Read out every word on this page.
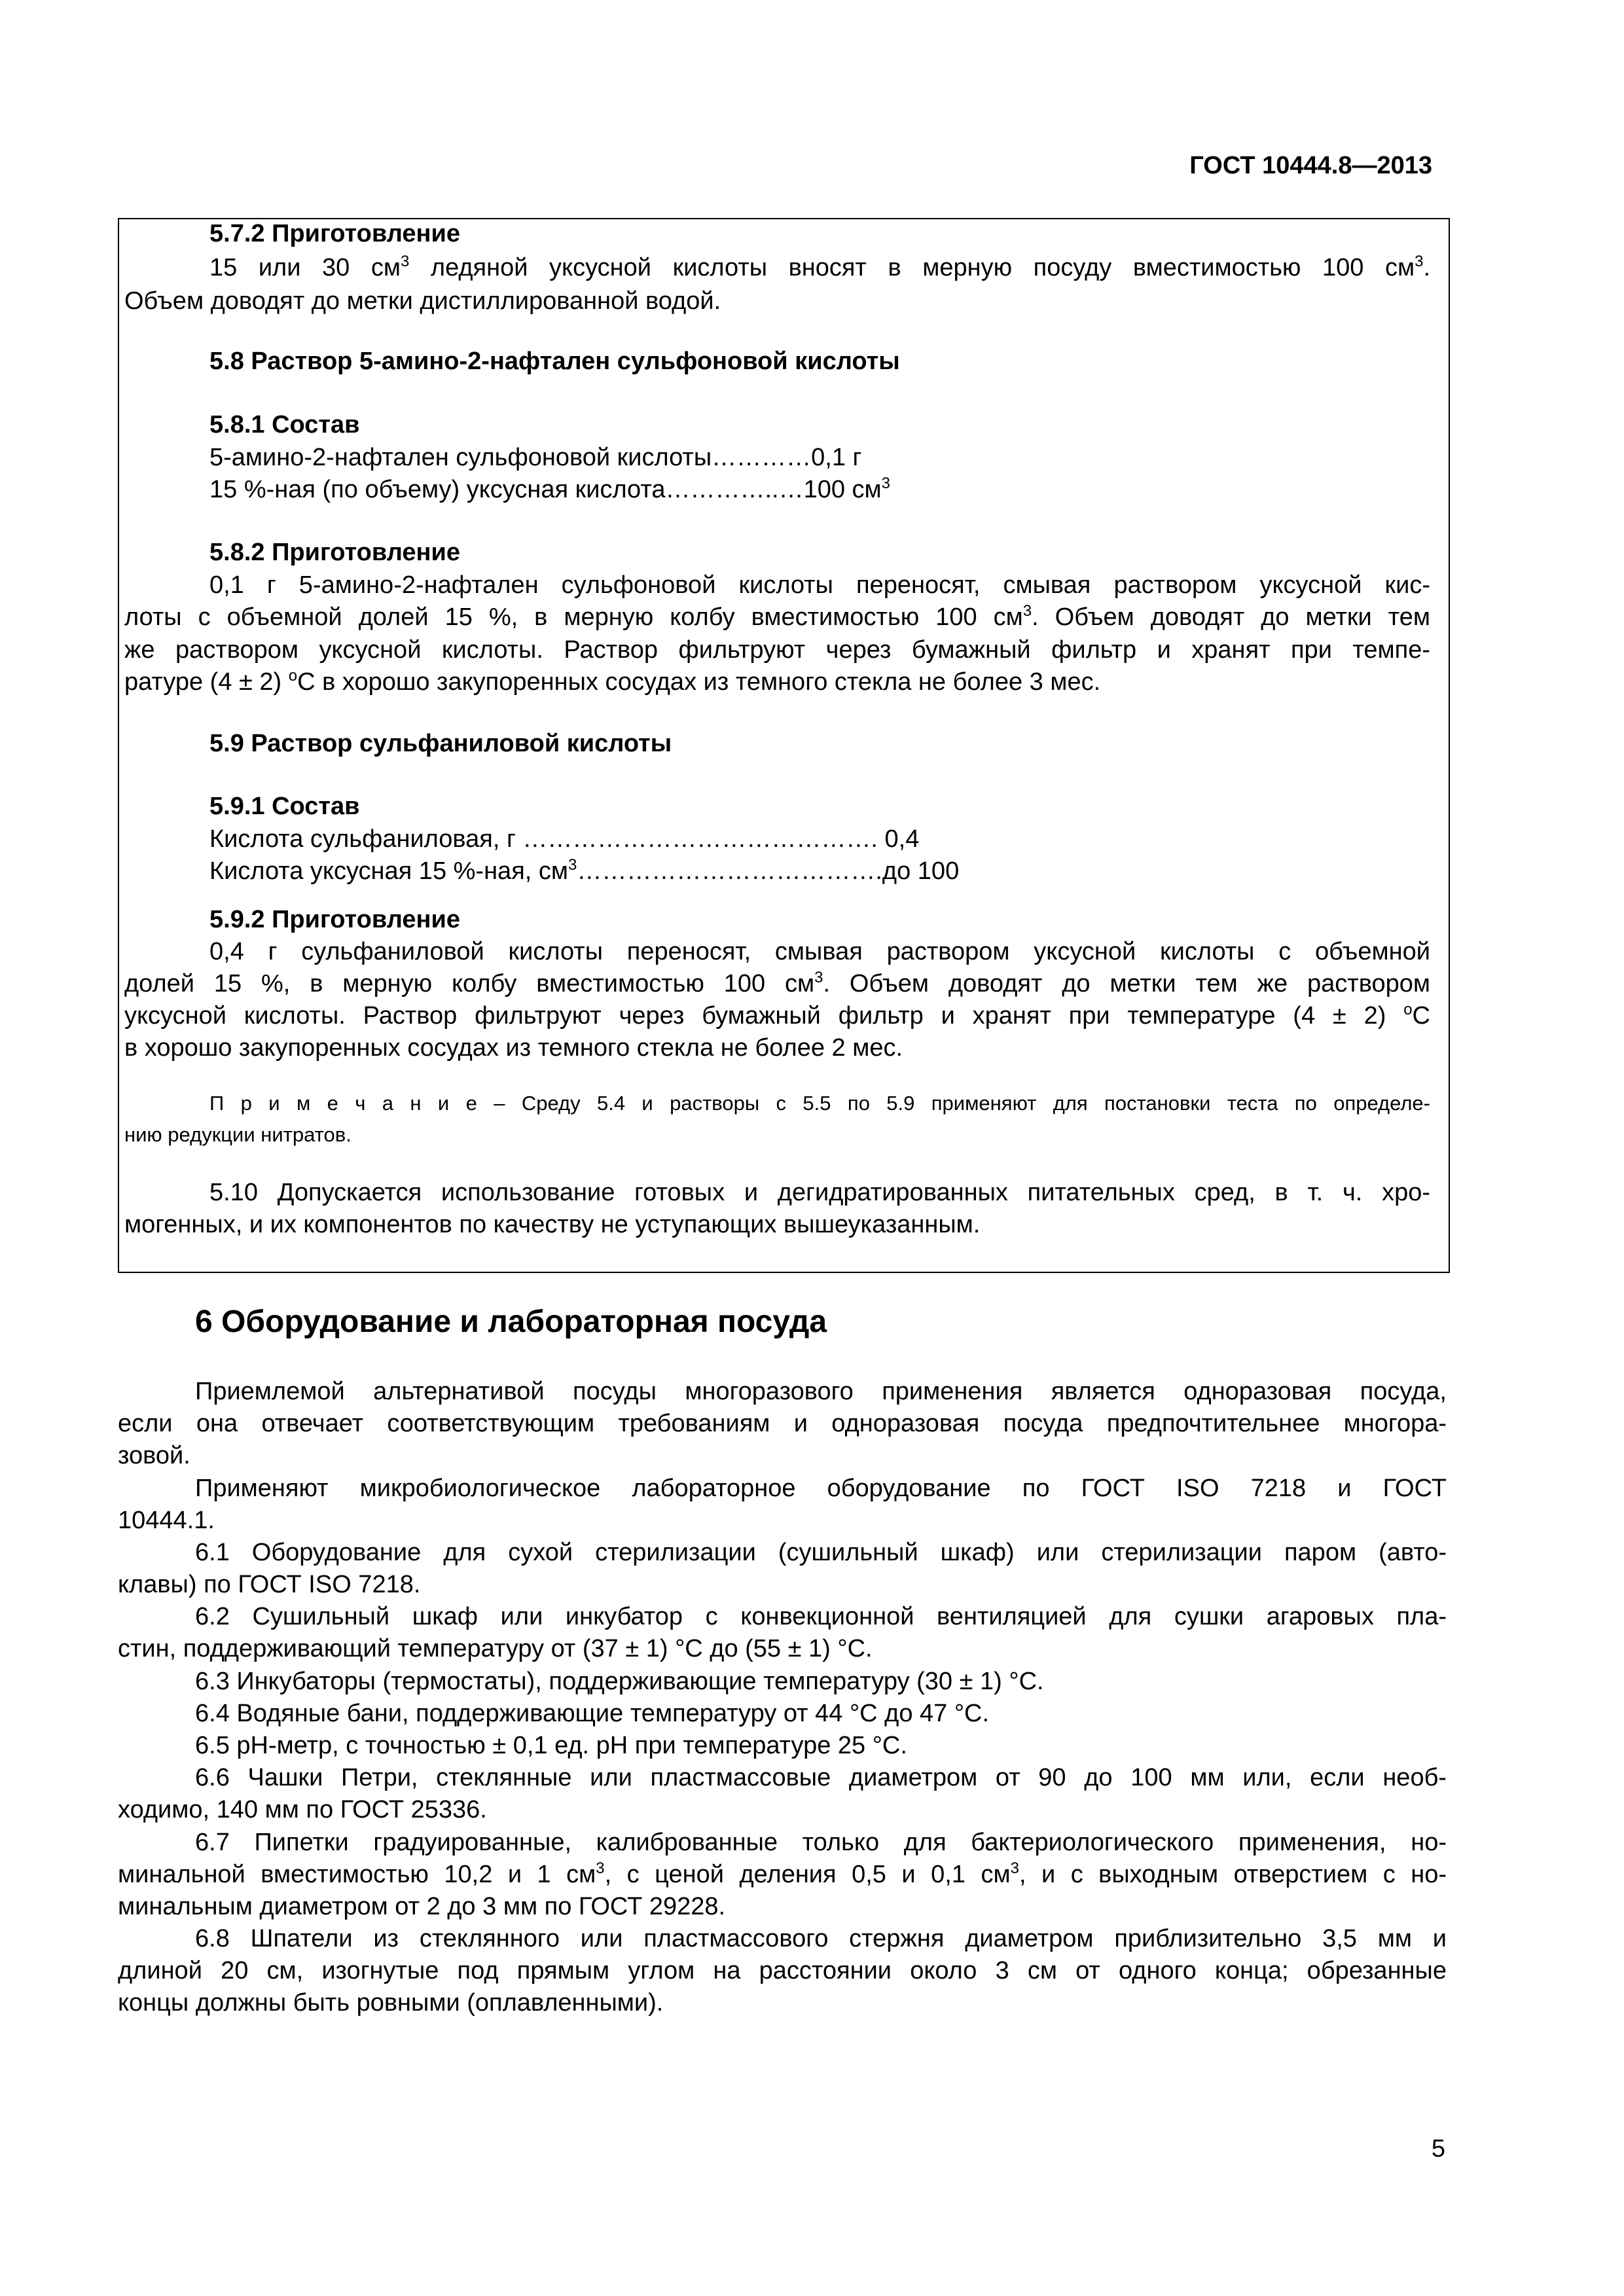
ГОСТ 10444.8—2013
5.7.2 Приготовление
15 или 30 $см^3$ ледяной уксусной кислоты вносят в мерную посуду вместимостью 100 $см^3$.
Объем доводят до метки дистиллированной водой.
5.8 Раствор 5-амино-2-нафтален сульфоновой кислоты
5.8.1 Состав
5-амино-2-нафтален сульфоновой кислоты…………0,1 г
15 %-ная (по объему) уксусная кислота…………..…100 $см^3$
5.8.2 Приготовление
0,1 г 5-амино-2-нафтален сульфоновой кислоты переносят, смывая раствором уксусной кис-
лоты с объемной долей 15 %, в мерную колбу вместимостью 100 $см^3$. Объем доводят до метки тем
же раствором уксусной кислоты. Раствор фильтруют через бумажный фильтр и хранят при темпе-
ратуре (4 ± 2) $^o$С в хорошо закупоренных сосудах из темного стекла не более 3 мес.
5.9 Раствор сульфаниловой кислоты
5.9.1 Состав
Кислота сульфаниловая, г ……………………………………. 0,4
Кислота уксусная 15 %-ная, $см^3\dots\dots\dots\dots\dots\dots\dots\dots\dots\dots\dots\dots.до$ 100
5.9.2 Приготовление
0,4 г сульфаниловой кислоты переносят, смывая раствором уксусной кислоты с объемной
долей 15 %, в мерную колбу вместимостью 100 $см^3$. Объем доводят до метки тем же раствором
уксусной кислоты. Раствор фильтруют через бумажный фильтр и хранят при температуре (4 ± 2) $^o$С
в хорошо закупоренных сосудах из темного стекла не более 2 мес.
П р и м е ч а н и е – Среду 5.4 и растворы с 5.5 по 5.9 применяют для постановки теста по определе-
нию редукции нитратов.
5.10 Допускается использование готовых и дегидратированных питательных сред, в т. ч. хро-
могенных, и их компонентов по качеству не уступающих вышеуказанным.
6 Оборудование и лабораторная посуда
Приемлемой альтернативой посуды многоразового применения является одноразовая посуда,
если она отвечает соответствующим требованиям и одноразовая посуда предпочтительнее многора-
зовой.
Применяют микробиологическое лабораторное оборудование по ГОСТ ISO 7218 и ГОСТ
10444.1.
6.1 Оборудование для сухой стерилизации (сушильный шкаф) или стерилизации паром (авто-
клавы) по ГОСТ ISO 7218.
6.2 Сушильный шкаф или инкубатор с конвекционной вентиляцией для сушки агаровых пла-
стин, поддерживающий температуру от (37 ± 1) °С до (55 ± 1) °С.
6.3 Инкубаторы (термостаты), поддерживающие температуру (30 ± 1) °С.
6.4 Водяные бани, поддерживающие температуру от 44 °С до 47 °С.
6.5 рН-метр, с точностью ± 0,1 ед. рН при температуре 25 °С.
6.6 Чашки Петри, стеклянные или пластмассовые диаметром от 90 до 100 мм или, если необ-
ходимо, 140 мм по ГОСТ 25336.
6.7 Пипетки градуированные, калиброванные только для бактериологического применения, но-
минальной вместимостью 10,2 и 1 $см^3$, с ценой деления 0,5 и 0,1 $см^3$, и с выходным отверстием с но-
минальным диаметром от 2 до 3 мм по ГОСТ 29228.
6.8 Шпатели из стеклянного или пластмассового стержня диаметром приблизительно 3,5 мм и
длиной 20 см, изогнутые под прямым углом на расстоянии около 3 см от одного конца; обрезанные
концы должны быть ровными (оплавленными).
5
